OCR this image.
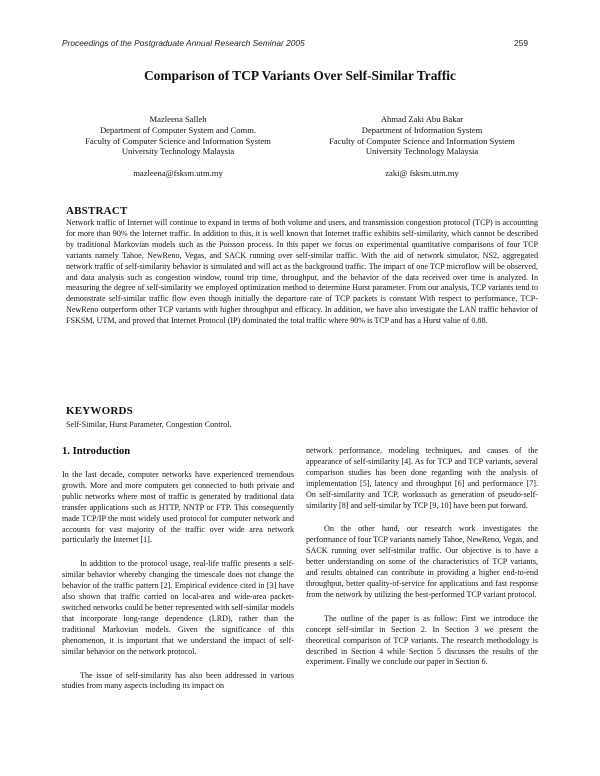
Proceedings of the Postgraduate Annual Research Seminar 2005	259
Comparison of TCP Variants Over Self-Similar Traffic
Mazleena Salleh
Department of Computer System and Comm.
Faculty of Computer Science and Information System
University Technology Malaysia
mazleena@fsksm.utm.my
Ahmad Zaki Abu Bakar
Department of Information System
Faculty of Computer Science and Information System
University Technology Malaysia
zaki@ fsksm.utm.my
ABSTRACT
Network traffic of Internet will continue to expand in terms of both volume and users, and transmission congestion protocol (TCP) is accounting for more than 90% the Internet traffic. In addition to this, it is well known that Internet traffic exhibits self-similarity, which cannot be described by traditional Markovian models such as the Poisson process. In this paper we focus on experimental quantitative comparisons of four TCP variants namely Tahoe, NewReno, Vegas, and SACK running over self-similar traffic. With the aid of network simulator, NS2, aggregated network traffic of self-similarity behavior is simulated and will act as the background traffic. The impact of one TCP microflow will be observed, and data analysis such as congestion window, round trip time, throughput, and the behavior of the data received over time is analyzed. In measuring the degree of self-similarity we employed optimization method to determine Hurst parameter. From our analysis, TCP variants tend to demonstrate self-similar traffic flow even though initially the departure rate of TCP packets is constant With respect to performance, TCP-NewReno outperform other TCP variants with higher throughput and efficacy. In addition, we have also investigate the LAN traffic behavior of FSKSM, UTM, and proved that Internet Protocol (IP) dominated the total traffic where 90% is TCP and has a Hurst value of 0.88.
KEYWORDS
Self-Similar, Hurst Parameter, Congestion Control.
1. Introduction

In the last decade, computer networks have experienced tremendous growth. More and more computers get connected to both private and public networks where most of traffic is generated by traditional data transfer applications such as HTTP, NNTP or FTP. This consequently made TCP/IP the most widely used protocol for computer network and accounts for vast majority of the traffic over wide area network particularly the Internet [1].

In addition to the protocol usage, real-life traffic presents a self-similar behavior whereby changing the timescale does not change the behavior of the traffic pattern [2]. Empirical evidence cited in [3] have also shown that traffic carried on local-area and wide-area packet-switched networks could be better represented with self-similar models that incorporate long-range dependence (LRD), rather than the traditional Markovian models. Given the significance of this phenomenon, it is important that we understand the impact of self-similar behavior on the network protocol.

The issue of self-similarity has also been addressed in various studies from many aspects including its impact on

network performance, modeling techniques, and causes of the appearance of self-similarity [4]. As for TCP and TCP variants, several comparison studies has been done regarding with the analysis of implementation [5], latency and throughput [6] and performance [7]. On self-similarity and TCP, workssuch as generation of pseudo-self-similarity [8] and self-similar by TCP [9, 10] have been put forward.

On the other hand, our research work investigates the performance of four TCP variants namely Tahoe, NewReno, Vegas, and SACK running over self-similar traffic. Our objective is to have a better understanding on some of the characteristics of TCP variants, and results obtained can contribute in providing a higher end-to-end throughput, better quality-of-service for applications and fast response from the network by utilizing the best-performed TCP variant protocol.

The outline of the paper is as follow: First we introduce the concept self-similar in Section 2. In Section 3 we present the theoretical comparison of TCP variants. The research methodology is described in Section 4 while Section 5 discusses the results of the experiment. Finally we conclude our paper in Section 6.
